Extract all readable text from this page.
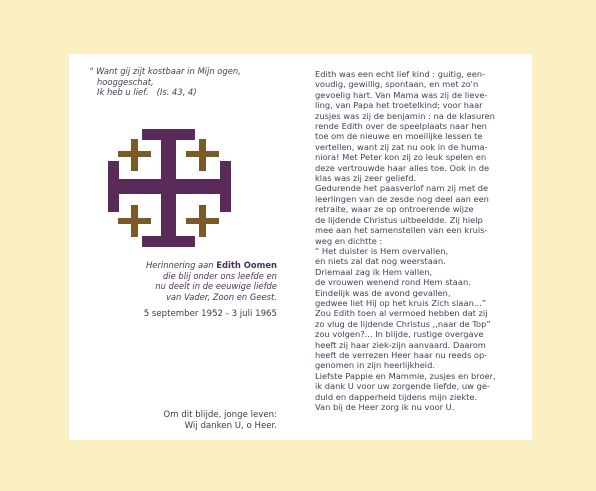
“ Want gij zijt kostbaar in Mijn ogen,
hooggeschat,
Ik heb u lief.   (Is. 43, 4)
Herinnering aan Edith Oomen
die blij onder ons leefde en
nu deelt in de eeuwige liefde
van Vader, Zoon en Geest.
5 september 1952 - 3 juli 1965
Om dit blijde, jonge leven:
Wij danken U, o Heer.
Edith was een echt lief kind : guitig, een-
voudig, gewillig, spontaan, en met zo'n
gevoelig hart. Van Mama was zij de lieve-
ling, van Papa het troetelkind; voor haar
zusjes was zij de benjamin : na de klasuren
rende Edith over de speelplaats naar hen
toe om de nieuwe en moeilijke lessen te
vertellen, want zij zat nu ook in de huma-
niora! Met Peter kon zij zo leuk spelen en
deze vertrouwde haar alles toe. Ook in de
klas was zij zeer geliefd.
Gedurende het paasverlof nam zij met de
leerlingen van de zesde nog deel aan een
retraite, waar ze op ontroerende wijze
de lijdende Christus uitbeeldde. Zij hielp
mee aan het samenstellen van een kruis-
weg en dichtte :
“ Het duister is Hem overvallen,
en niets zal dat nog weerstaan.
Driemaal zag ik Hem vallen,
de vrouwen wenend rond Hem staan.
Eindelijk was de avond gevallen,
gedwee liet Hij op het kruis Zich slaan...”
Zou Edith toen al vermoed hebben dat zij
zo vlug de lijdende Christus ,,naar de Top”
zou volgen?... In blijde, rustige overgave
heeft zij haar ziek-zijn aanvaard. Daarom
heeft de verrezen Heer haar nu reeds op-
genomen in zijn heerlijkheid.
Liefste Pappie en Mammie, zusjes en broer,
ik dank U voor uw zorgende liefde, uw ge-
duld en dapperheid tijdens mijn ziekte.
Van bij de Heer zorg ik nu voor U.
